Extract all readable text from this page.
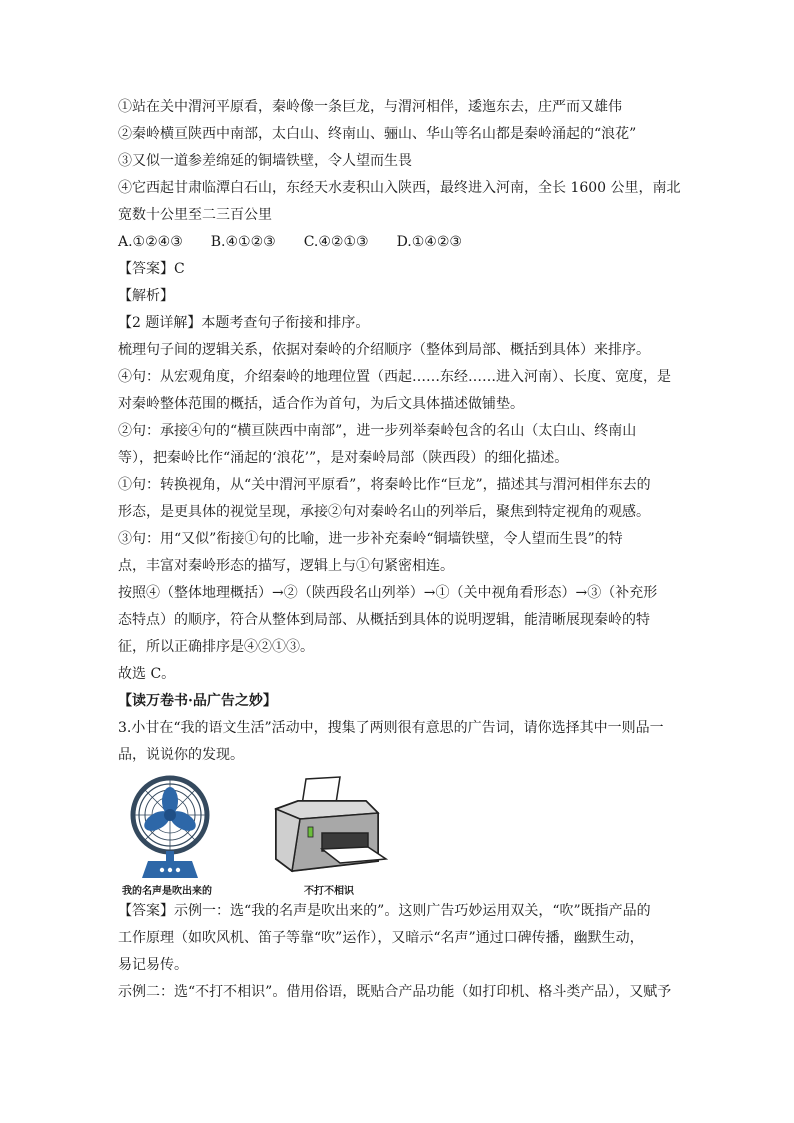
①站在关中渭河平原看，秦岭像一条巨龙，与渭河相伴，逶迤东去，庄严而又雄伟
②秦岭横亘陕西中南部，太白山、终南山、骊山、华山等名山都是秦岭涌起的“浪花”
③又似一道参差绵延的铜墙铁壁，令人望而生畏
④它西起甘肃临潭白石山，东经天水麦积山入陕西，最终进入河南，全长 1600 公里，南北
宽数十公里至二三百公里
A.①②④③　　B.④①②③　　C.④②①③　　D.①④②③
【答案】C
【解析】
【2 题详解】本题考查句子衔接和排序。
梳理句子间的逻辑关系，依据对秦岭的介绍顺序（整体到局部、概括到具体）来排序。
④句：从宏观角度，介绍秦岭的地理位置（西起……东经……进入河南）、长度、宽度，是
对秦岭整体范围的概括，适合作为首句，为后文具体描述做铺垫。
②句：承接④句的“横亘陕西中南部”，进一步列举秦岭包含的名山（太白山、终南山
等），把秦岭比作“涌起的‘浪花’”，是对秦岭局部（陕西段）的细化描述。
①句：转换视角，从“关中渭河平原看”，将秦岭比作“巨龙”，描述其与渭河相伴东去的
形态，是更具体的视觉呈现，承接②句对秦岭名山的列举后，聚焦到特定视角的观感。
③句：用“又似”衔接①句的比喻，进一步补充秦岭“铜墙铁壁，令人望而生畏”的特
点，丰富对秦岭形态的描写，逻辑上与①句紧密相连。
按照④（整体地理概括）→②（陕西段名山列举）→①（关中视角看形态）→③（补充形
态特点）的顺序，符合从整体到局部、从概括到具体的说明逻辑，能清晰展现秦岭的特
征，所以正确排序是④②①③。
故选 C。
【读万卷书·品广告之妙】
3.小甘在“我的语文生活”活动中，搜集了两则很有意思的广告词，请你选择其中一则品一
品，说说你的发现。
我的名声是吹出来的	不打不相识
【答案】示例一：选“我的名声是吹出来的”。这则广告巧妙运用双关，“吹”既指产品的
工作原理（如吹风机、笛子等靠“吹”运作），又暗示“名声”通过口碑传播，幽默生动，
易记易传。
示例二：选“不打不相识”。借用俗语，既贴合产品功能（如打印机、格斗类产品），又赋予
